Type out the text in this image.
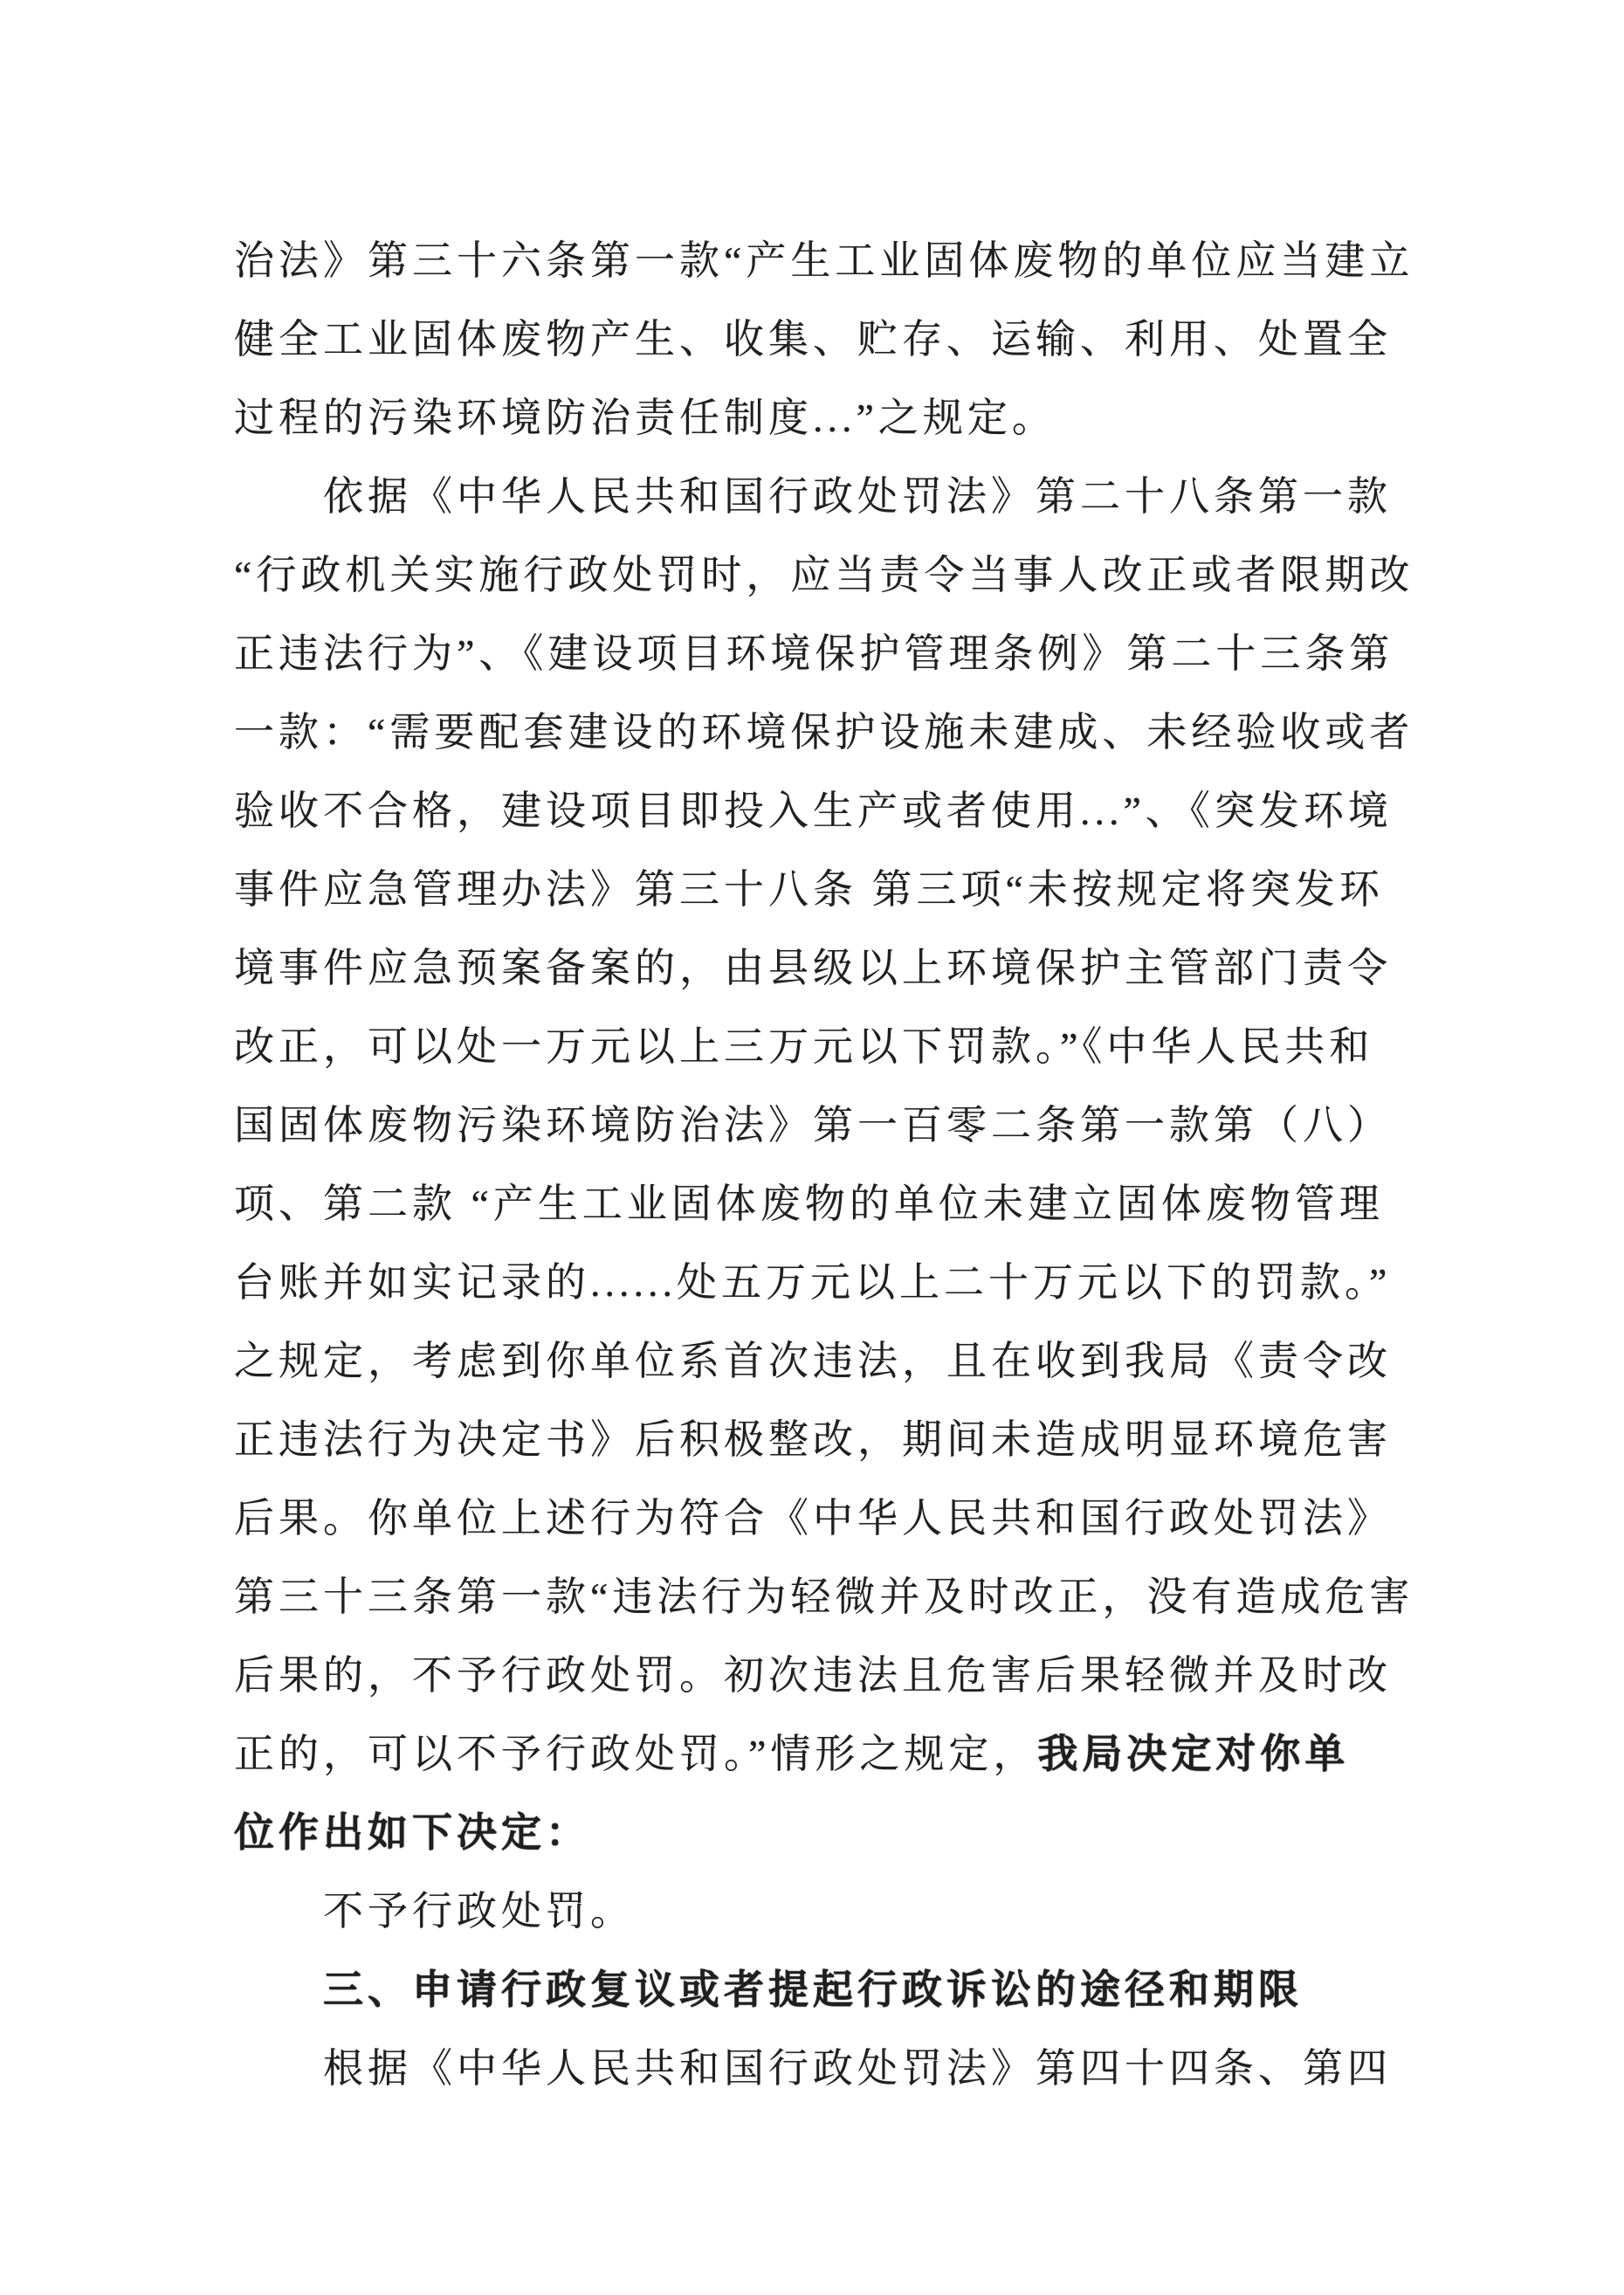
治法》第三十六条第一款“产生工业固体废物的单位应当建立
健全工业固体废物产生、收集、贮存、运输、利用、处置全
过程的污染环境防治责任制度...”之规定。
依据《中华人民共和国行政处罚法》第二十八条第一款
“行政机关实施行政处罚时，应当责令当事人改正或者限期改
正违法行为”、《建设项目环境保护管理条例》第二十三条第
一款：“需要配套建设的环境保护设施未建成、未经验收或者
验收不合格，建设项目即投入生产或者使用...”、《突发环境
事件应急管理办法》第三十八条 第三项“未按规定将突发环
境事件应急预案备案的，由县级以上环境保护主管部门责令
改正，可以处一万元以上三万元以下罚款。”《中华人民共和
国固体废物污染环境防治法》第一百零二条第一款第（八）
项、第二款 “产生工业固体废物的单位未建立固体废物管理
台账并如实记录的......处五万元以上二十万元以下的罚款。”
之规定，考虑到你单位系首次违法，且在收到我局《责令改
正违法行为决定书》后积极整改，期间未造成明显环境危害
后果。你单位上述行为符合《中华人民共和国行政处罚法》
第三十三条第一款“违法行为轻微并及时改正，没有造成危害
后果的，不予行政处罚。初次违法且危害后果轻微并及时改
正的，可以不予行政处罚。”情形之规定，我局决定对你单
位作出如下决定：
不予行政处罚。
三、申请行政复议或者提起行政诉讼的途径和期限
根据《中华人民共和国行政处罚法》第四十四条、第四
